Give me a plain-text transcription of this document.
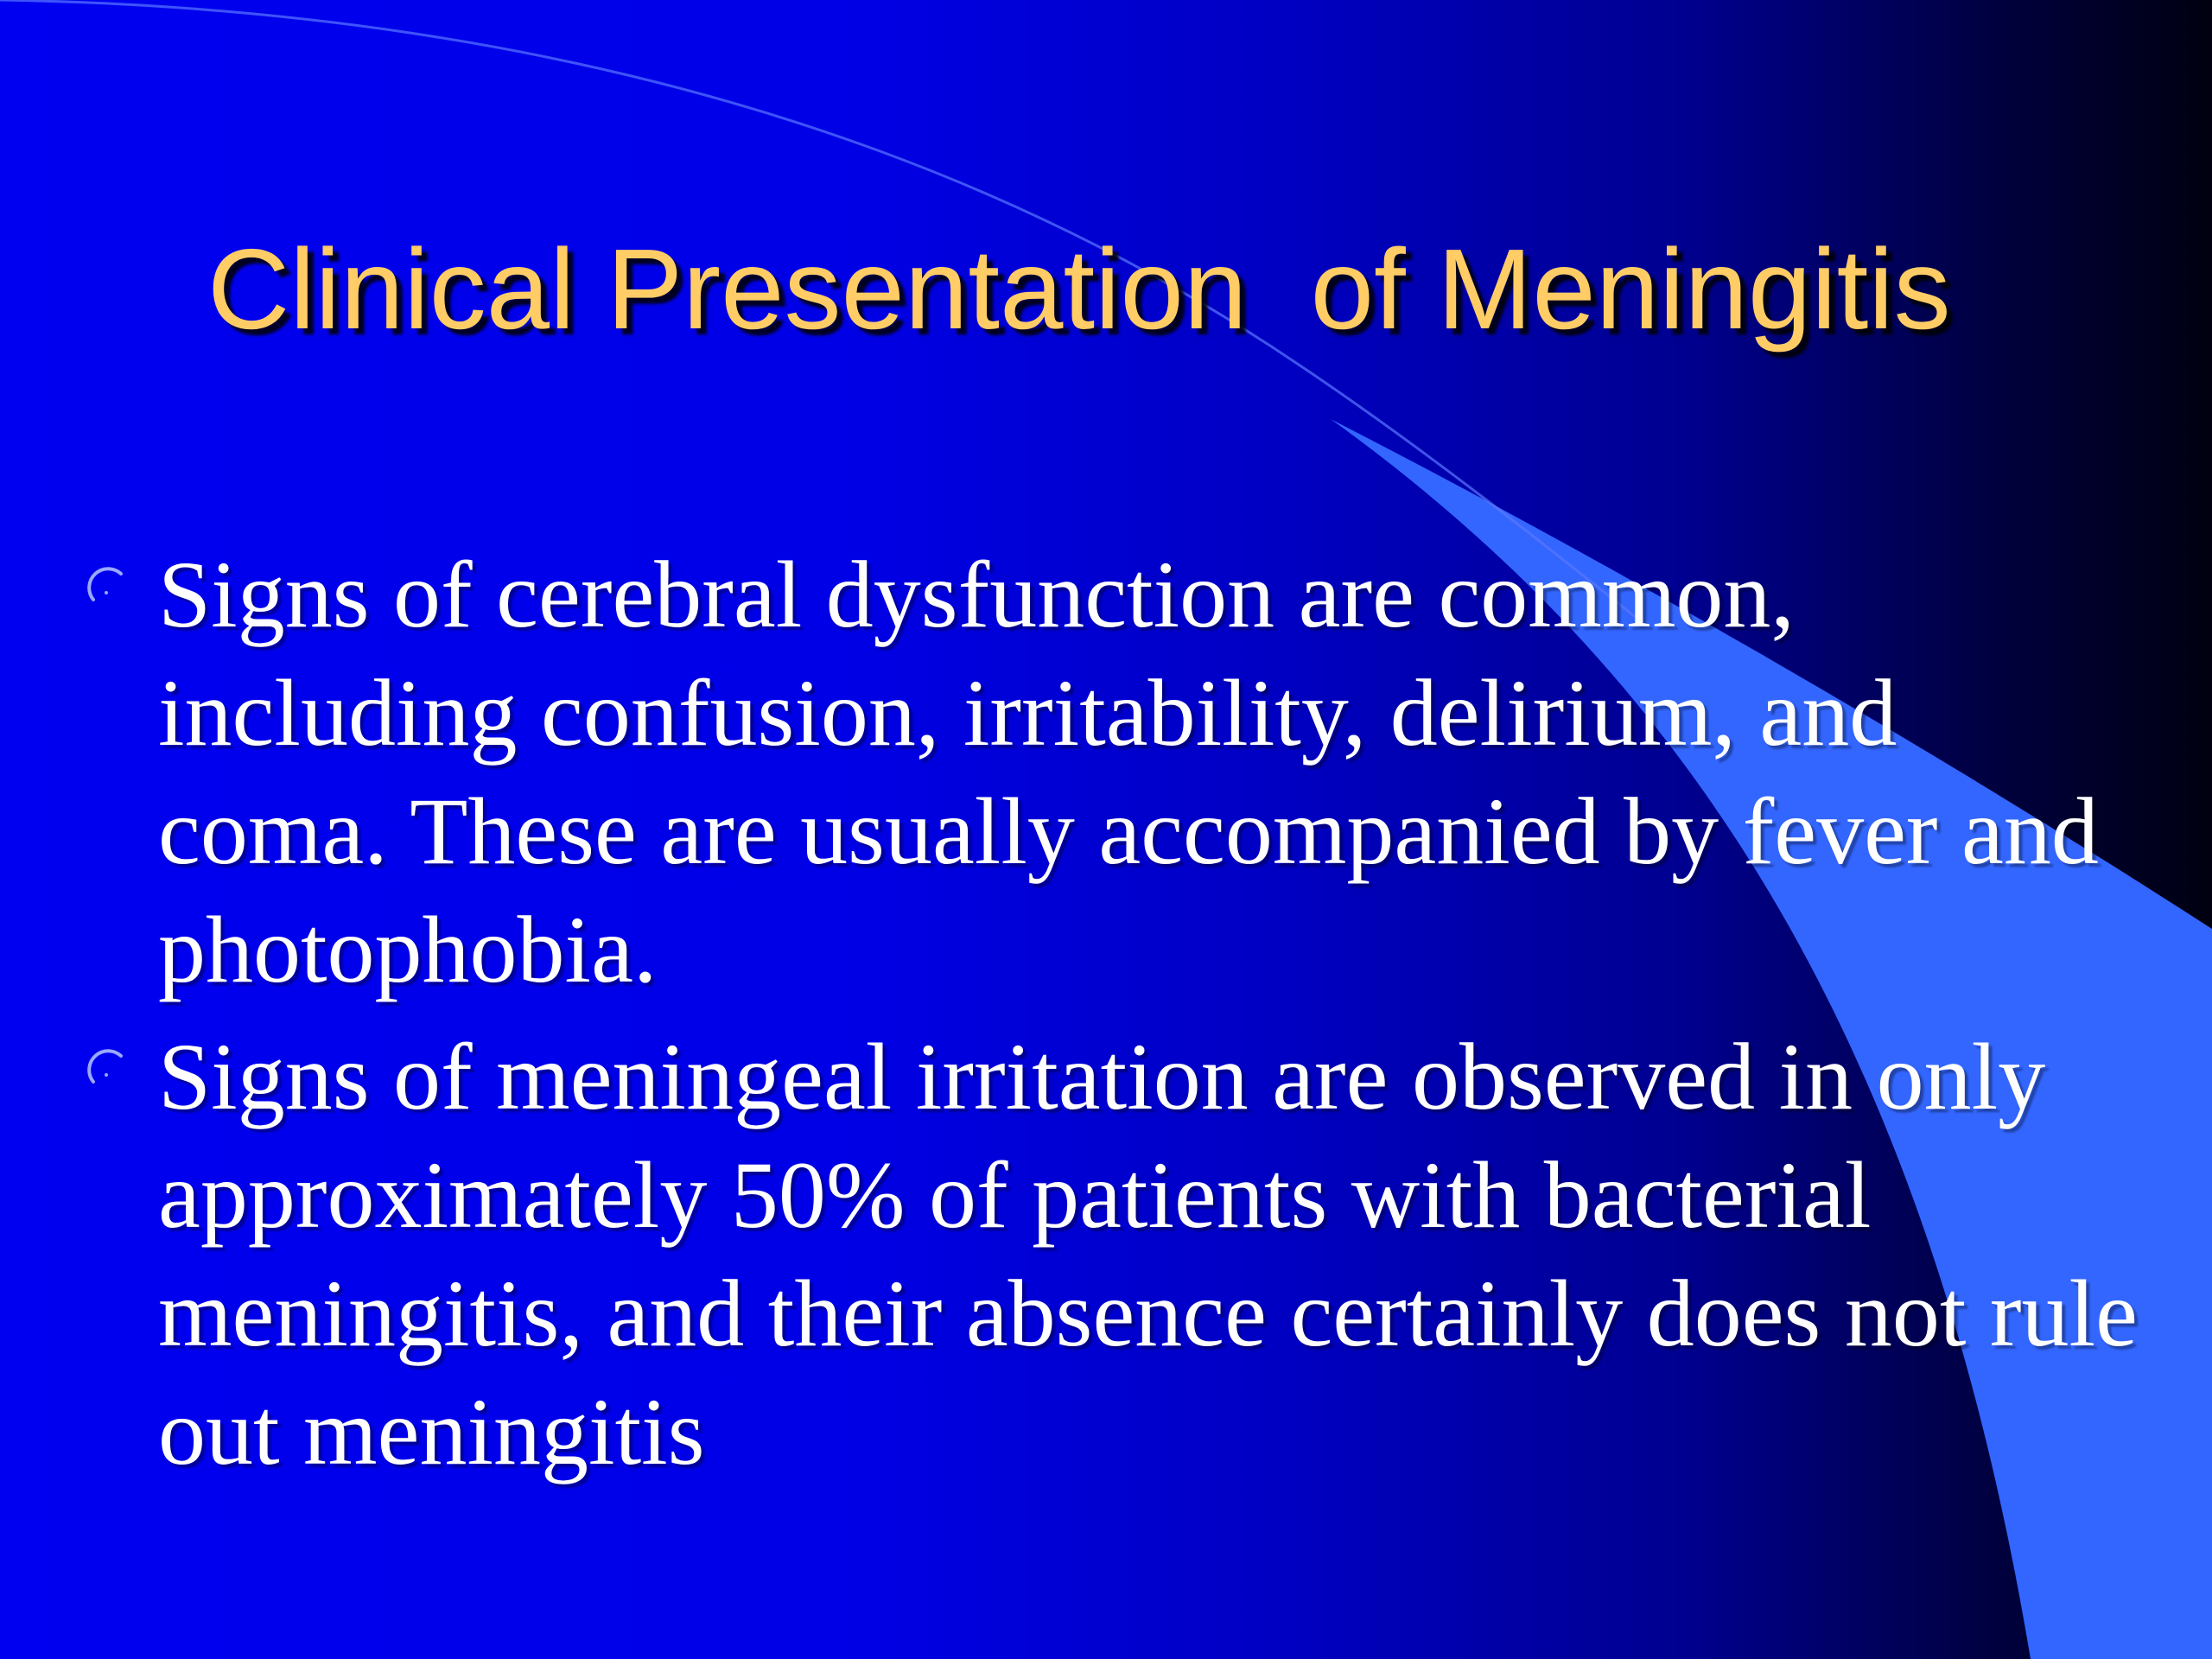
Clinical Presentation  of Meningitis
Signs of cerebral dysfunction are common, including confusion, irritability, delirium, and coma. These are usually accompanied by fever and photophobia.
Signs of meningeal irritation are observed in only approximately 50% of patients with bacterial meningitis, and their absence certainly does not rule out meningitis
